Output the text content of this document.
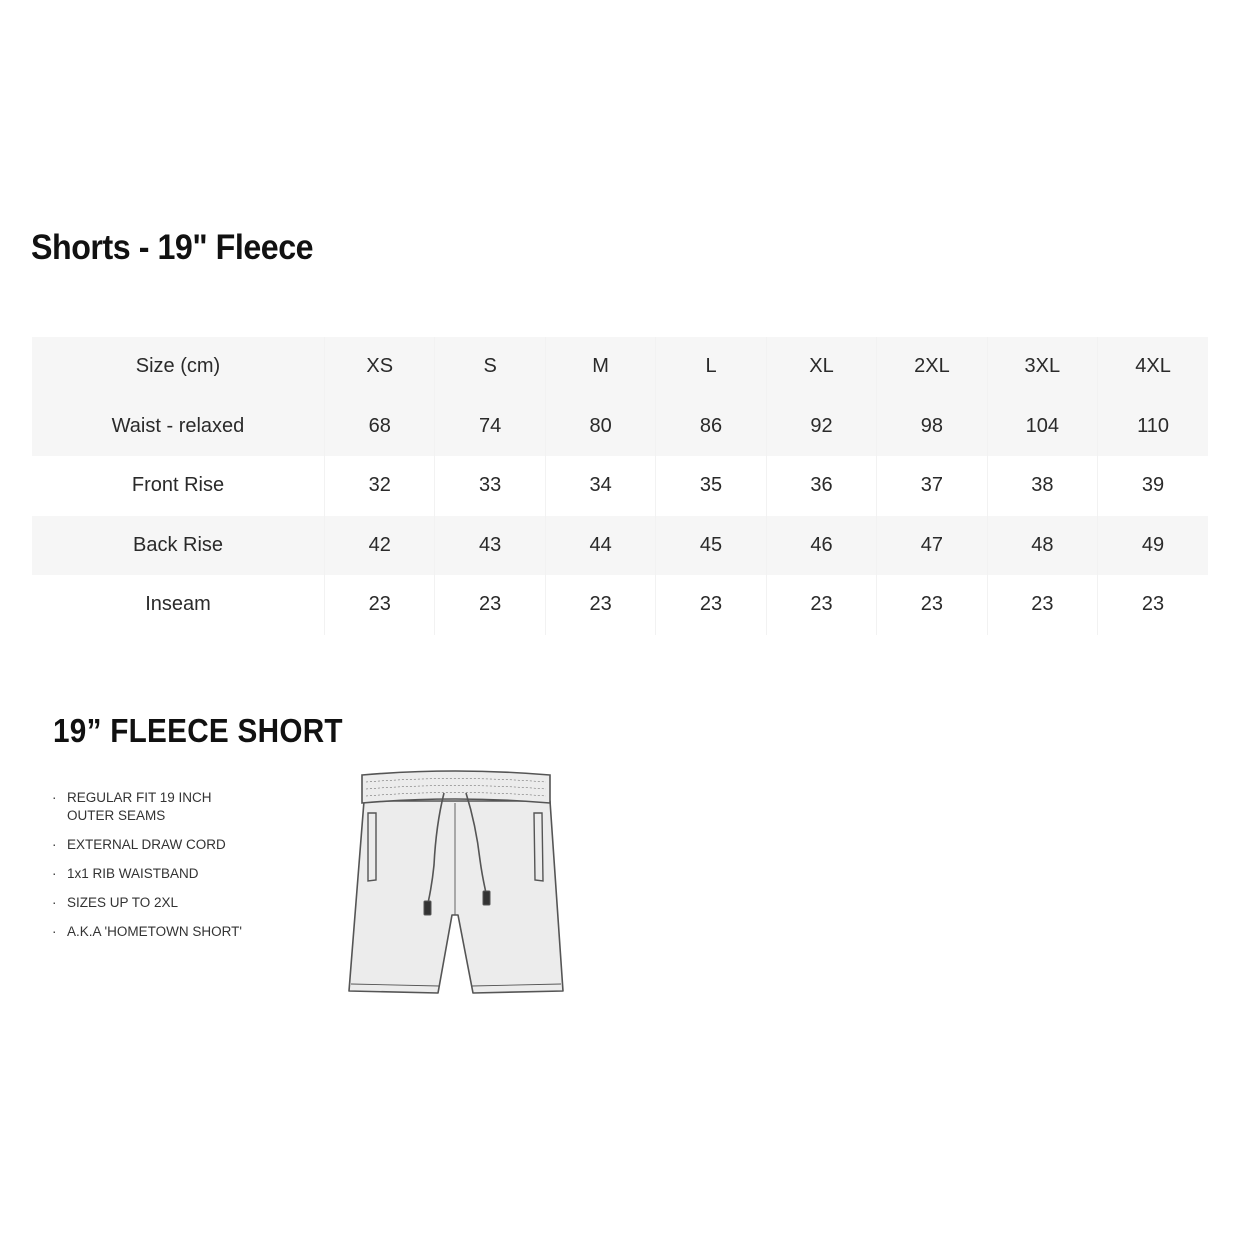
Shorts - 19" Fleece
Size (cm)	XS	S	M	L	XL	2XL	3XL	4XL
Waist - relaxed	68	74	80	86	92	98	104	110
Front Rise	32	33	34	35	36	37	38	39
Back Rise	42	43	44	45	46	47	48	49
Inseam	23	23	23	23	23	23	23	23
19” FLEECE SHORT
· REGULAR FIT 19 INCH
OUTER SEAMS
· EXTERNAL DRAW CORD
· 1x1 RIB WAISTBAND
· SIZES UP TO 2XL
· A.K.A 'HOMETOWN SHORT'
